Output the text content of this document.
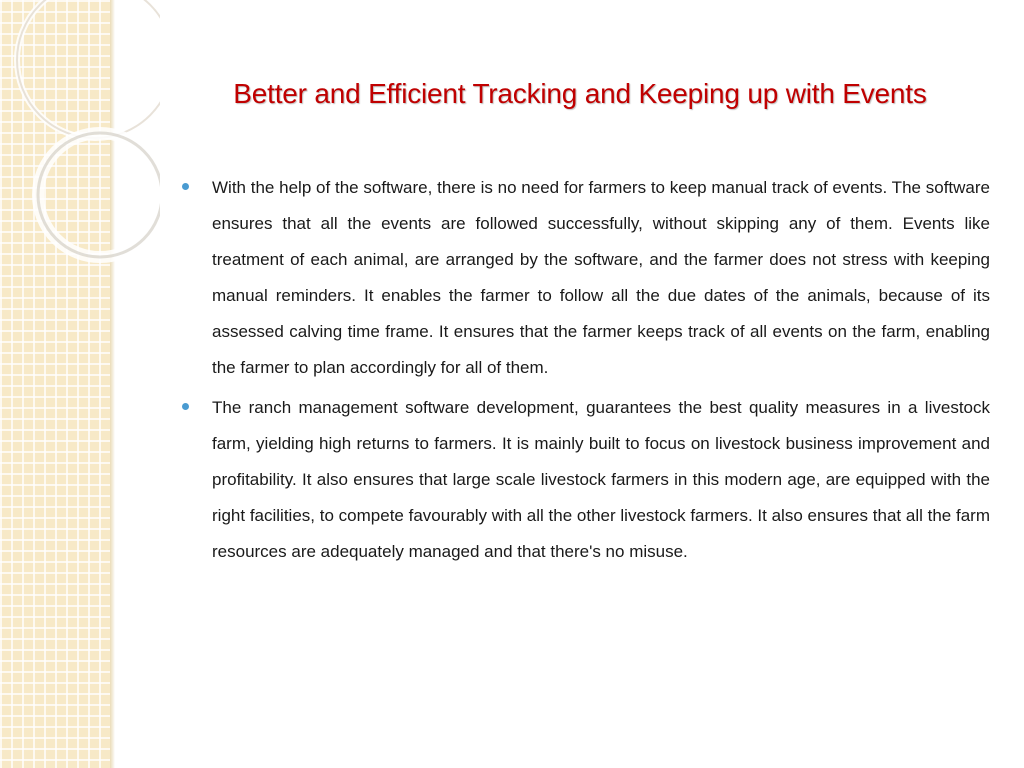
Better and Efficient Tracking and Keeping up with Events
With the help of the software, there is no need for farmers to keep manual track of events. The software ensures that all the events are followed successfully, without skipping any of them. Events like treatment of each animal, are arranged by the software, and the farmer does not stress with keeping manual reminders. It enables the farmer to follow all the due dates of the animals, because of its assessed calving time frame. It ensures that the farmer keeps track of all events on the farm, enabling the farmer to plan accordingly for all of them.
The ranch management software development, guarantees the best quality measures in a livestock farm, yielding high returns to farmers. It is mainly built to focus on livestock business improvement and profitability. It also ensures that large scale livestock farmers in this modern age, are equipped with the right facilities, to compete favourably with all the other livestock farmers. It also ensures that all the farm resources are adequately managed and that there's no misuse.
